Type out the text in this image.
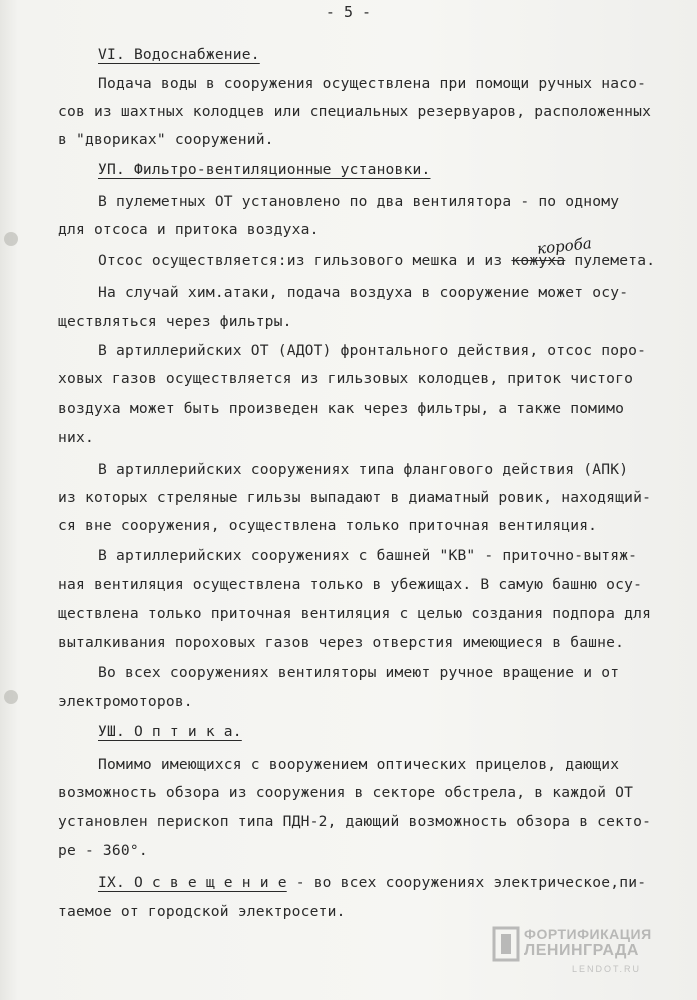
- 5 -
VI. Водоснабжение.
Подача воды в сооружения осуществлена при помощи ручных насо-
сов из шахтных колодцев или специальных резервуаров, расположенных
в "двориках" сооружений.
УП. Фильтро-вентиляционные установки.
В пулеметных ОТ установлено по два вентилятора - по одному
для отсоса и притока воздуха.
Отсос осуществляется:из гильзового мешка и из кожуха пулемета.
На случай хим.атаки, подача воздуха в сооружение может осу-
ществляться через фильтры.
В артиллерийских ОТ (АДОТ) фронтального действия, отсос поро-
ховых газов осуществляется из гильзовых колодцев, приток чистого
воздуха может быть произведен как через фильтры, а также помимо
них.
В артиллерийских сооружениях типа флангового действия (АПК)
из которых стреляные гильзы выпадают в диаматный ровик, находящий-
ся вне сооружения, осуществлена только приточная вентиляция.
В артиллерийских сооружениях с башней "КВ" - приточно-вытяж-
ная вентиляция осуществлена только в убежищах. В самую башню осу-
ществлена только приточная вентиляция с целью создания подпора для
выталкивания пороховых газов через отверстия имеющиеся в башне.
Во всех сооружениях вентиляторы имеют ручное вращение и от
электромоторов.
УШ. О п т и к а.
Помимо имеющихся с вооружением оптических прицелов, дающих
возможность обзора из сооружения в секторе обстрела, в каждой ОТ
установлен перископ типа ПДН-2, дающий возможность обзора в секто-
ре - 360°.
IX. О с в е щ е н и е - во всех сооружениях электрическое,пи-
таемое от городской электросети.
короба
ФОРТИФИКАЦИЯ
ЛЕНИНГРАДА
LENDOT.RU
